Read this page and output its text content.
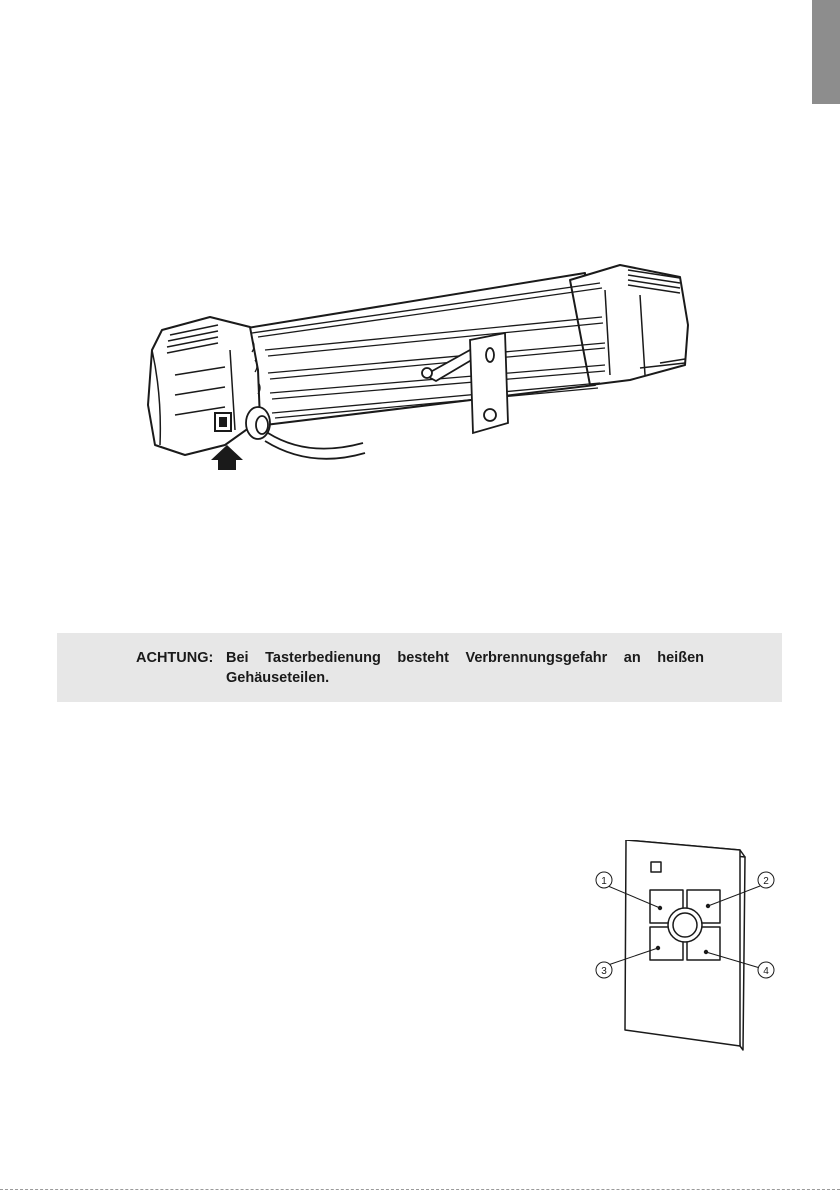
ACHTUNG: Bei Tasterbedienung besteht Verbrennungsgefahr an heißen
Gehäuseteilen.
1	2
3	4
